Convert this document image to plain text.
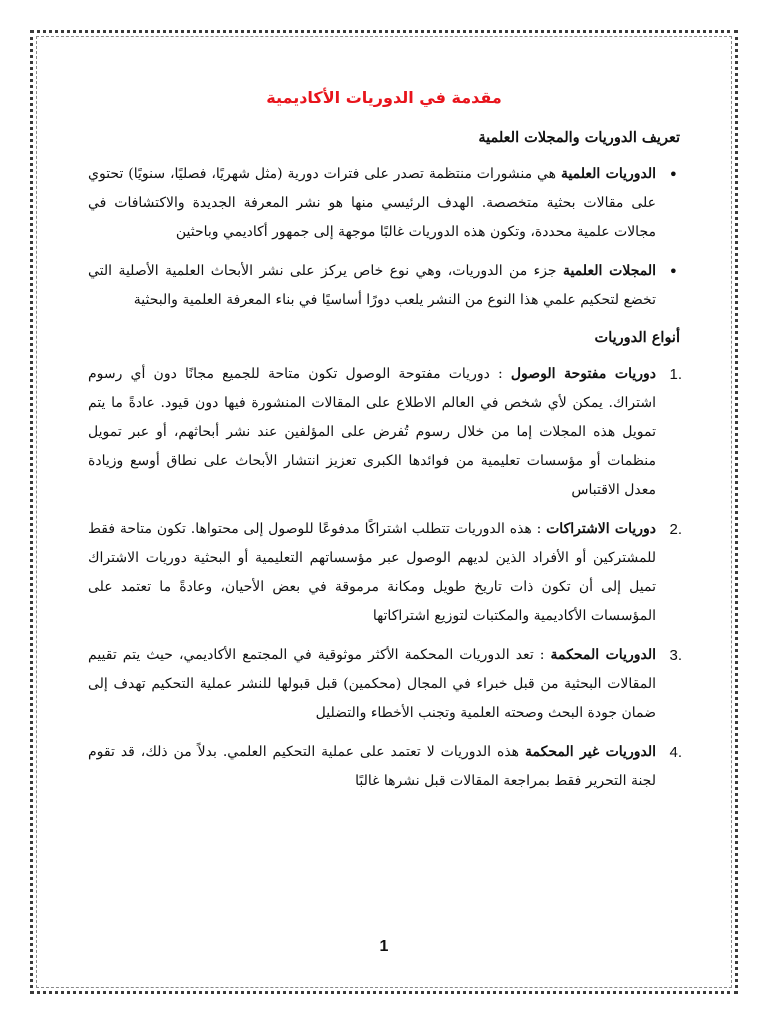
مقدمة في الدوريات الأكاديمية
تعريف الدوريات والمجلات العلمية
• الدوريات العلمية هي منشورات منتظمة تصدر على فترات دورية (مثل شهريًا، فصليًا، سنويًا) تحتوي على مقالات بحثية متخصصة. الهدف الرئيسي منها هو نشر المعرفة الجديدة والاكتشافات في مجالات علمية محددة، وتكون هذه الدوريات غالبًا موجهة إلى جمهور أكاديمي وباحثين
• المجلات العلمية جزء من الدوريات، وهي نوع خاص يركز على نشر الأبحاث العلمية الأصلية التي تخضع لتحكيم علمي هذا النوع من النشر يلعب دورًا أساسيًا في بناء المعرفة العلمية والبحثية
أنواع الدوريات
1.
دوريات مفتوحة الوصول : دوريات مفتوحة الوصول تكون متاحة للجميع مجانًا دون أي رسوم اشتراك. يمكن لأي شخص في العالم الاطلاع على المقالات المنشورة فيها دون قيود. عادةً ما يتم تمويل هذه المجلات إما من خلال رسوم تُفرض على المؤلفين عند نشر أبحاثهم، أو عبر تمويل منظمات أو مؤسسات تعليمية من فوائدها الكبرى تعزيز انتشار الأبحاث على نطاق أوسع وزيادة معدل الاقتباس
2.
دوريات الاشتراكات : هذه الدوريات تتطلب اشتراكًا مدفوعًا للوصول إلى محتواها. تكون متاحة فقط للمشتركين أو الأفراد الذين لديهم الوصول عبر مؤسساتهم التعليمية أو البحثية دوريات الاشتراك تميل إلى أن تكون ذات تاريخ طويل ومكانة مرموقة في بعض الأحيان، وعادةً ما تعتمد على المؤسسات الأكاديمية والمكتبات لتوزيع اشتراكاتها
3.
الدوريات المحكمة : تعد الدوريات المحكمة الأكثر موثوقية في المجتمع الأكاديمي، حيث يتم تقييم المقالات البحثية من قبل خبراء في المجال (محكمين) قبل قبولها للنشر عملية التحكيم تهدف إلى ضمان جودة البحث وصحته العلمية وتجنب الأخطاء والتضليل
4.
الدوريات غير المحكمة هذه الدوريات لا تعتمد على عملية التحكيم العلمي. بدلاً من ذلك، قد تقوم لجنة التحرير فقط بمراجعة المقالات قبل نشرها غالبًا
1
